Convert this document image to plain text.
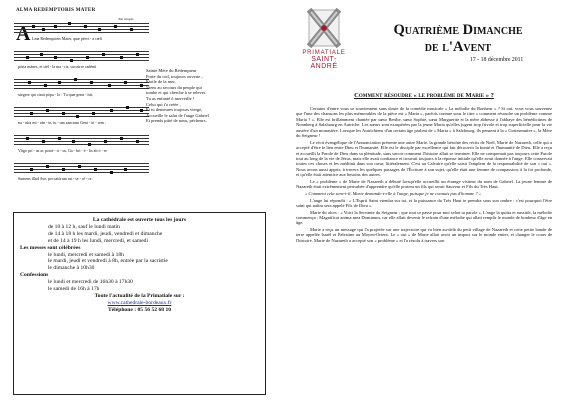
ALMA REDEMPTORIS MATER
Ton simple.
A Lma Redemptóris Mater, quæ pérvi - a cæli
pórta mánes, et stél - la ma - ris, succúrre cadénti
súrgere qui cúrat pópu - lo : Tu quæ genu - ísti,
na - túra mi - rán - te, tu - um sanctum Geni - tó - rem :
Virgo prí - us ac posté - ri - us, Ga - bri - é - lis ab ó - re
Sumens íllud Ave, peccatórum mi - se - ré - re.
Sainte Mère du Rédempteur
Porte du ciel, toujours ouverte ,
Étoile de la mer,
Viens au secours du peuple qui
tombe et qui cherche à se relever.
Tu as enfanté ô merveille !
Celui qui t'a créée ,
Et tu demeures toujours vierge,
Accueille le salut de l'ange Gabriel
Et prends pitié de nous, pécheurs.
La cathédrale est ouverte tous les jours
de 10 à 12 h, sauf le lundi matin
de 14 à 18 h les mardi, jeudi, vendredi et dimanche
et de 14 à 19 h les lundi, mercredi, et samedi
Les messes sont célébrées
le lundi, mercredi et samedi à 18h
le mardi, jeudi et vendredi à 8h, entrée par la sacristie
le dimanche à 10h30
Confessions
le lundi et mercredi de 16h30 à 17h30
le samedi de 16h à 17h
Toute l'actualité de la Primatiale sur :
www.cathedrale-bordeaux.fr
Téléphone : 05 56 52 68 10
PRIMATIALE
SAINT-ANDRÉ
Quatrième Dimanche
de l'Avent
17 - 18 décembre 2011
Comment résoudre « le problème de Marie » ?

Certains d'entre vous se souviennent sans doute de la comédie musicale « La mélodie du Bonheur » ? Si oui, vous vous souvenez que l'une des chansons les plus mémorables de la pièce est « Maria », parfois connue sous le titre « comment résoudre un problème comme Maria ? ». Elle est brillamment chantée par sœur Berthe, sœur Sophie, sœur Marguerite et la mère abbesse à l'abbaye des bénédictines de Nonnberg à Salzbourg en Autriche. Les sœurs sont exaspérées par la jeune Maria qu'elles jugent trop frivole et trop superficielle pour la vie austère d'un monastère. Lorsque les Autrichiens d'un certain âge parlent de « Maria » à Salzbourg, ils pensent à la « Gottesmutter », la Mère du Seigneur !

Le récit évangélique de l'Annonciation présente une autre Marie, la grande héroïne des récits de Noël, Marie de Nazareth, celle qui a accepté d'être le lien entre Dieu et l'humanité. Elle est le disciple par excellence qui fait découvrir la bonté et l'humanité de Dieu. Elle a reçu et accueilli la Parole de Dieu dans sa plénitude, sans savoir comment l'histoire allait se terminer. Elle ne comprenait pas toujours cette Parole tout au long de la vie de Jésus, mais elle avait confiance et trouvait toujours à la réponse initiale qu'elle avait donnée à l'ange. Elle conservait toutes ces choses et les méditait dans son cœur, littéralement. C'est au Calvaire qu'elle saisit l'ampleur de la responsabilité de son « oui ». Nous avons aussi appris, à travers les quelques passages de l'Écriture à son sujet, qu'elle était une femme de compassion, à la foi profonde, et qu'elle était attentive aux besoins des autres.

Le « problème » de Marie de Nazareth a débuté lorsqu'elle accueillit un étrange visiteur du nom de Gabriel. La jeune femme de Nazareth était extrêmement perturbée d'apprendre qu'elle portera un fils qui serait Sauveur et Fils du Très Haut.

« Comment cela sera-t-il, Marie demande-t-elle à l'ange, puisque je ne connais pas d'homme ? »

L'ange lui répondit : « L'Esprit Saint viendra sur toi, et la puissance du Très Haut te prendra sous son ombre ; c'est pourquoi l'être saint qui naîtra sera appelé Fils de Dieu ».

Marie dit alors : « Voici la Servante du Seigneur ; que tout se passe pour moi selon ta parole ». L'ange la quitta et aussitôt, la mélodie commença : Magnificat anima mea Dominum, car elle allait devenir le refrain d'une mélodie qui allait remplir le monde de bonheur d'âge en âge.

Marie a reçu un message qui l'a projetée sur une trajectoire qui va bien au-delà du petit village de Nazareth et cette petite bande de terre appelée Israël et Palestine au Moyen-Orient. Le « oui » de Marie allait avoir un impact sur le monde entier, et changer le cours de l'histoire. Marie de Nazareth a accepté son « problème » et l'a résolu à travers son
